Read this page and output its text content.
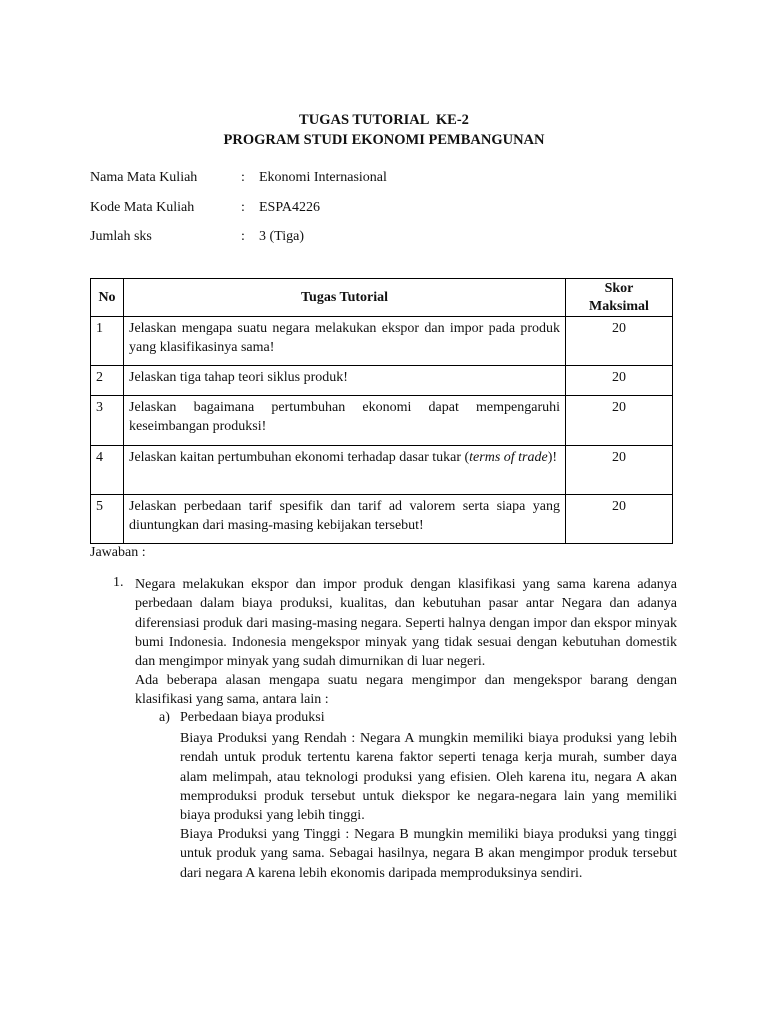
TUGAS TUTORIAL  KE-2
PROGRAM STUDI EKONOMI PEMBANGUNAN
Nama Mata Kuliah	: Ekonomi Internasional
Kode Mata Kuliah	: ESPA4226
Jumlah sks	: 3 (Tiga)
No	Tugas Tutorial	Skor
Maksimal

1	Jelaskan mengapa suatu negara melakukan ekspor dan impor pada produk yang klasifikasinya sama!	20
2	Jelaskan tiga tahap teori siklus produk!	20
3	Jelaskan bagaimana pertumbuhan ekonomi dapat mempengaruhi keseimbangan produksi!	20
4	Jelaskan kaitan pertumbuhan ekonomi terhadap dasar tukar (terms of trade)!	20
5	Jelaskan perbedaan tarif spesifik dan tarif ad valorem serta siapa yang diuntungkan dari masing-masing kebijakan tersebut!	20
Jawaban :
1. Negara melakukan ekspor dan impor produk dengan klasifikasi yang sama karena adanya perbedaan dalam biaya produksi, kualitas, dan kebutuhan pasar antar Negara dan adanya diferensiasi produk dari masing-masing negara. Seperti halnya dengan impor dan ekspor minyak bumi Indonesia. Indonesia mengekspor minyak yang tidak sesuai dengan kebutuhan domestik dan mengimpor minyak yang sudah dimurnikan di luar negeri.
Ada beberapa alasan mengapa suatu negara mengimpor dan mengekspor barang dengan klasifikasi yang sama, antara lain :
a) Perbedaan biaya produksi
Biaya Produksi yang Rendah : Negara A mungkin memiliki biaya produksi yang lebih rendah untuk produk tertentu karena faktor seperti tenaga kerja murah, sumber daya alam melimpah, atau teknologi produksi yang efisien. Oleh karena itu, negara A akan memproduksi produk tersebut untuk diekspor ke negara-negara lain yang memiliki biaya produksi yang lebih tinggi.
Biaya Produksi yang Tinggi : Negara B mungkin memiliki biaya produksi yang tinggi untuk produk yang sama. Sebagai hasilnya, negara B akan mengimpor produk tersebut dari negara A karena lebih ekonomis daripada memproduksinya sendiri.
